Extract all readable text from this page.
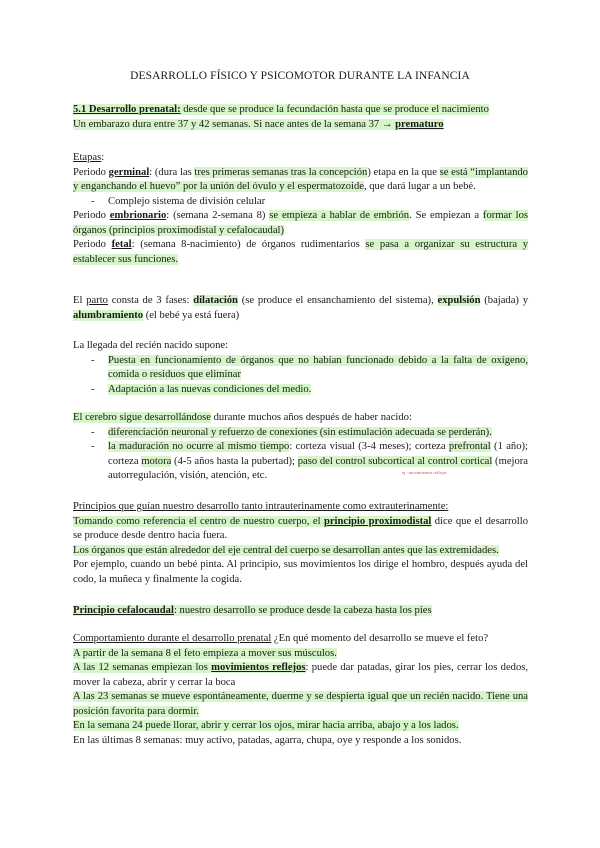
DESARROLLO FÍSICO Y PSICOMOTOR DURANTE LA INFANCIA
5.1 Desarrollo prenatal: desde que se produce la fecundación hasta que se produce el nacimiento
Un embarazo dura entre 37 y 42 semanas. Si nace antes de la semana 37 → prematuro
Etapas:
Periodo germinal: (dura las tres primeras semanas tras la concepción) etapa en la que se está “implantando y enganchando el huevo” por la unión del óvulo y el espermatozoide, que dará lugar a un bebé.
- Complejo sistema de división celular
Periodo embrionario: (semana 2-semana 8) se empieza a hablar de embrión. Se empiezan a formar los órganos (principios proximodistal y cefalocaudal)
Periodo fetal: (semana 8-nacimiento) de órganos rudimentarios se pasa a organizar su estructura y establecer sus funciones.
El parto consta de 3 fases: dilatación (se produce el ensanchamiento del sistema), expulsión (bajada) y alumbramiento (el bebé ya está fuera)
La llegada del recién nacido supone:
- Puesta en funcionamiento de órganos que no habían funcionado debido a la falta de oxígeno, comida o residuos que eliminar
- Adaptación a las nuevas condiciones del medio.
El cerebro sigue desarrollándose durante muchos años después de haber nacido:
- diferenciación neuronal y refuerzo de conexiones (sin estimulación adecuada se perderán).
- la maduración no ocurre al mismo tiempo: corteza visual (3-4 meses); corteza prefrontal (1 año); corteza motora (4-5 años hasta la pubertad); paso del control subcortical al control cortical (mejora autorregulación, visión, atención, etc.	ej.: movimientos reflejos
Principios que guían nuestro desarrollo tanto intrauterinamente como extrauterinamente:
Tomando como referencia el centro de nuestro cuerpo, el principio proximodistal dice que el desarrollo se produce desde dentro hacia fuera.
Los órganos que están alrededor del eje central del cuerpo se desarrollan antes que las extremidades.
Por ejemplo, cuando un bebé pinta. Al principio, sus movimientos los dirige el hombro, después ayuda del codo, la muñeca y finalmente la cogida.
Principio cefalocaudal: nuestro desarrollo se produce desde la cabeza hasta los pies
Comportamiento durante el desarrollo prenatal ¿En qué momento del desarrollo se mueve el feto?
A partir de la semana 8 el feto empieza a mover sus músculos.
A las 12 semanas empiezan los movimientos reflejos: puede dar patadas, girar los pies, cerrar los dedos, mover la cabeza, abrir y cerrar la boca
A las 23 semanas se mueve espontáneamente, duerme y se despierta igual que un recién nacido. Tiene una posición favorita para dormir.
En la semana 24 puede llorar, abrir y cerrar los ojos, mirar hacia arriba, abajo y a los lados.
En las últimas 8 semanas: muy activo, patadas, agarra, chupa, oye y responde a los sonidos.
